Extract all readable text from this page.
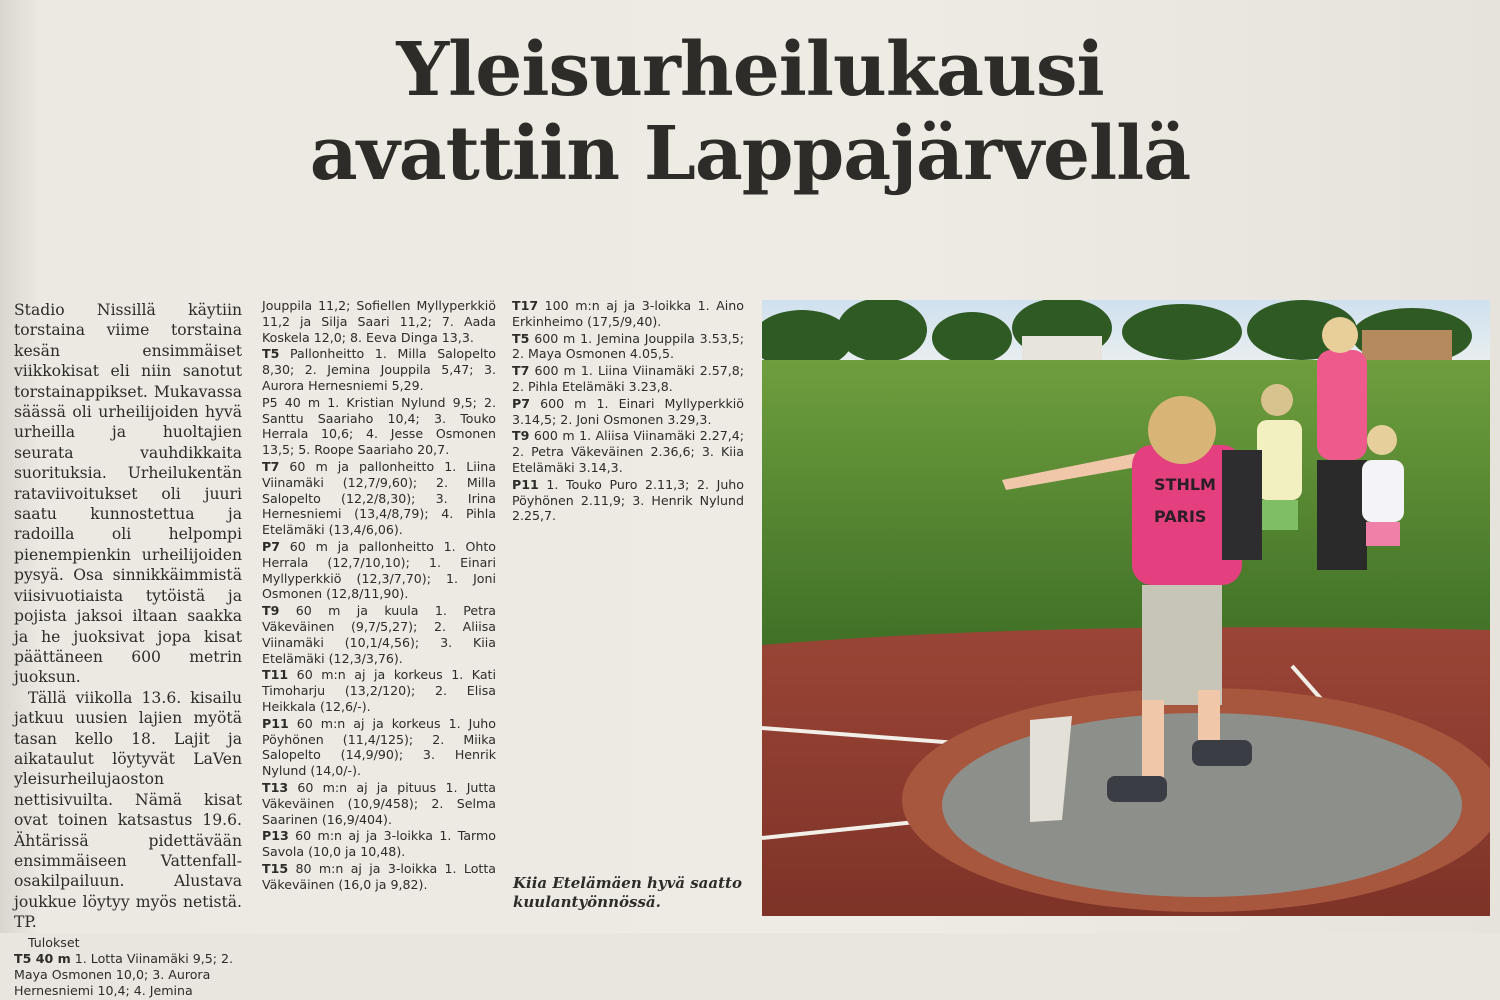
Yleisurheilukausi
avattiin Lappajärvellä

Stadio Nissillä käytiin torstaina viime torstaina kesän ensimmäiset viikkokisat eli niin sanotut torstainappikset. Mukavassa säässä oli urheilijoiden hyvä urheilla ja huoltajien seurata vauhdikkaita suorituksia. Urheilukentän rataviivoitukset oli juuri saatu kunnostettua ja radoilla oli helpompi pienempienkin urheilijoiden pysyä. Osa sinnikkäimmistä viisivuotiaista tytöistä ja pojista jaksoi iltaan saakka ja he juoksivat jopa kisat päättäneen 600 metrin juoksun.

Tällä viikolla 13.6. kisailu jatkuu uusien lajien myötä tasan kello 18. Lajit ja aikataulut löytyvät LaVen yleisurheilujaoston nettisivuilta. Nämä kisat ovat toinen katsastus 19.6. Ähtärissä pidettävään ensimmäiseen Vattenfall-osakilpailuun. Alustava joukkue löytyy myös netistä. TP.

Tulokset

T5 40 m 1. Lotta Viinamäki 9,5; 2. Maya Osmonen 10,0; 3. Aurora Hernesniemi 10,4; 4. Jemina

Jouppila 11,2; Sofiellen Myllyperkkiö 11,2 ja Silja Saari 11,2; 7. Aada Koskela 12,0; 8. Eeva Dinga 13,3.

T5 Pallonheitto 1. Milla Salopelto 8,30; 2. Jemina Jouppila 5,47; 3. Aurora Hernesniemi 5,29.

P5 40 m 1. Kristian Nylund 9,5; 2. Santtu Saariaho 10,4; 3. Touko Herrala 10,6; 4. Jesse Osmonen 13,5; 5. Roope Saariaho 20,7.

T7 60 m ja pallonheitto 1. Liina Viinamäki (12,7/9,60); 2. Milla Salopelto (12,2/8,30); 3. Irina Hernesniemi (13,4/8,79); 4. Pihla Etelämäki (13,4/6,06).

P7 60 m ja pallonheitto 1. Ohto Herrala (12,7/10,10); 1. Einari Myllyperkkiö (12,3/7,70); 1. Joni Osmonen (12,8/11,90).

T9 60 m ja kuula 1. Petra Väkeväinen (9,7/5,27); 2. Aliisa Viinamäki (10,1/4,56); 3. Kiia Etelämäki (12,3/3,76).

T11 60 m:n aj ja korkeus 1. Kati Timoharju (13,2/120); 2. Elisa Heikkala (12,6/-).

P11 60 m:n aj ja korkeus 1. Juho Pöyhönen (11,4/125); 2. Miika Salopelto (14,9/90); 3. Henrik Nylund (14,0/-).

T13 60 m:n aj ja pituus 1. Jutta Väkeväinen (10,9/458); 2. Selma Saarinen (16,9/404).

P13 60 m:n aj ja 3-loikka 1. Tarmo Savola (10,0 ja 10,48).

T15 80 m:n aj ja 3-loikka 1. Lotta Väkeväinen (16,0 ja 9,82).

T17 100 m:n aj ja 3-loikka 1. Aino Erkinheimo (17,5/9,40).

T5 600 m 1. Jemina Jouppila 3.53,5; 2. Maya Osmonen 4.05,5.

T7 600 m 1. Liina Viinamäki 2.57,8; 2. Pihla Etelämäki 3.23,8.

P7 600 m 1. Einari Myllyperkkiö 3.14,5; 2. Joni Osmonen 3.29,3.

T9 600 m 1. Aliisa Viinamäki 2.27,4; 2. Petra Väkeväinen 2.36,6; 3. Kiia Etelämäki 3.14,3.

P11 1. Touko Puro 2.11,3; 2. Juho Pöyhönen 2.11,9; 3. Henrik Nylund 2.25,7.

Kiia Etelämäen hyvä saatto
kuulantyönnössä.
STHLM
PARIS
